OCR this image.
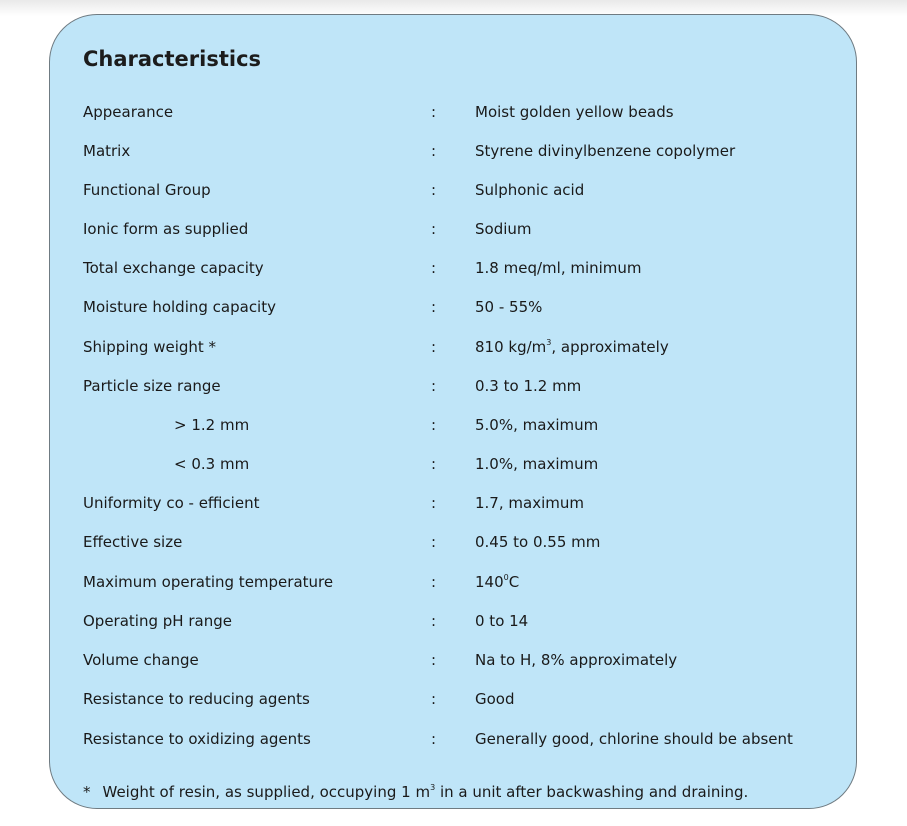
Characteristics
Appearance	:	Moist golden yellow beads
Matrix	:	Styrene divinylbenzene copolymer
Functional Group	:	Sulphonic acid
Ionic form as supplied	:	Sodium
Total exchange capacity	:	1.8 meq/ml, minimum
Moisture holding capacity	:	50 - 55%
Shipping weight *	:	810 $kg/m^3$, approximately
Particle size range	:	0.3 to 1.2 mm
> 1.2 mm	:	5.0%, maximum
< 0.3 mm	:	1.0%, maximum
Uniformity co - efficient	:	1.7, maximum
Effective size	:	0.45 to 0.55 mm
Maximum operating temperature	:	$140^0C$
Operating pH range	:	0 to 14
Volume change	:	Na to H, 8% approximately
Resistance to reducing agents	:	Good
Resistance to oxidizing agents	:	Generally good, chlorine should be absent
* Weight of resin, as supplied, occupying 1 $m^3$ in a unit after backwashing and draining.
